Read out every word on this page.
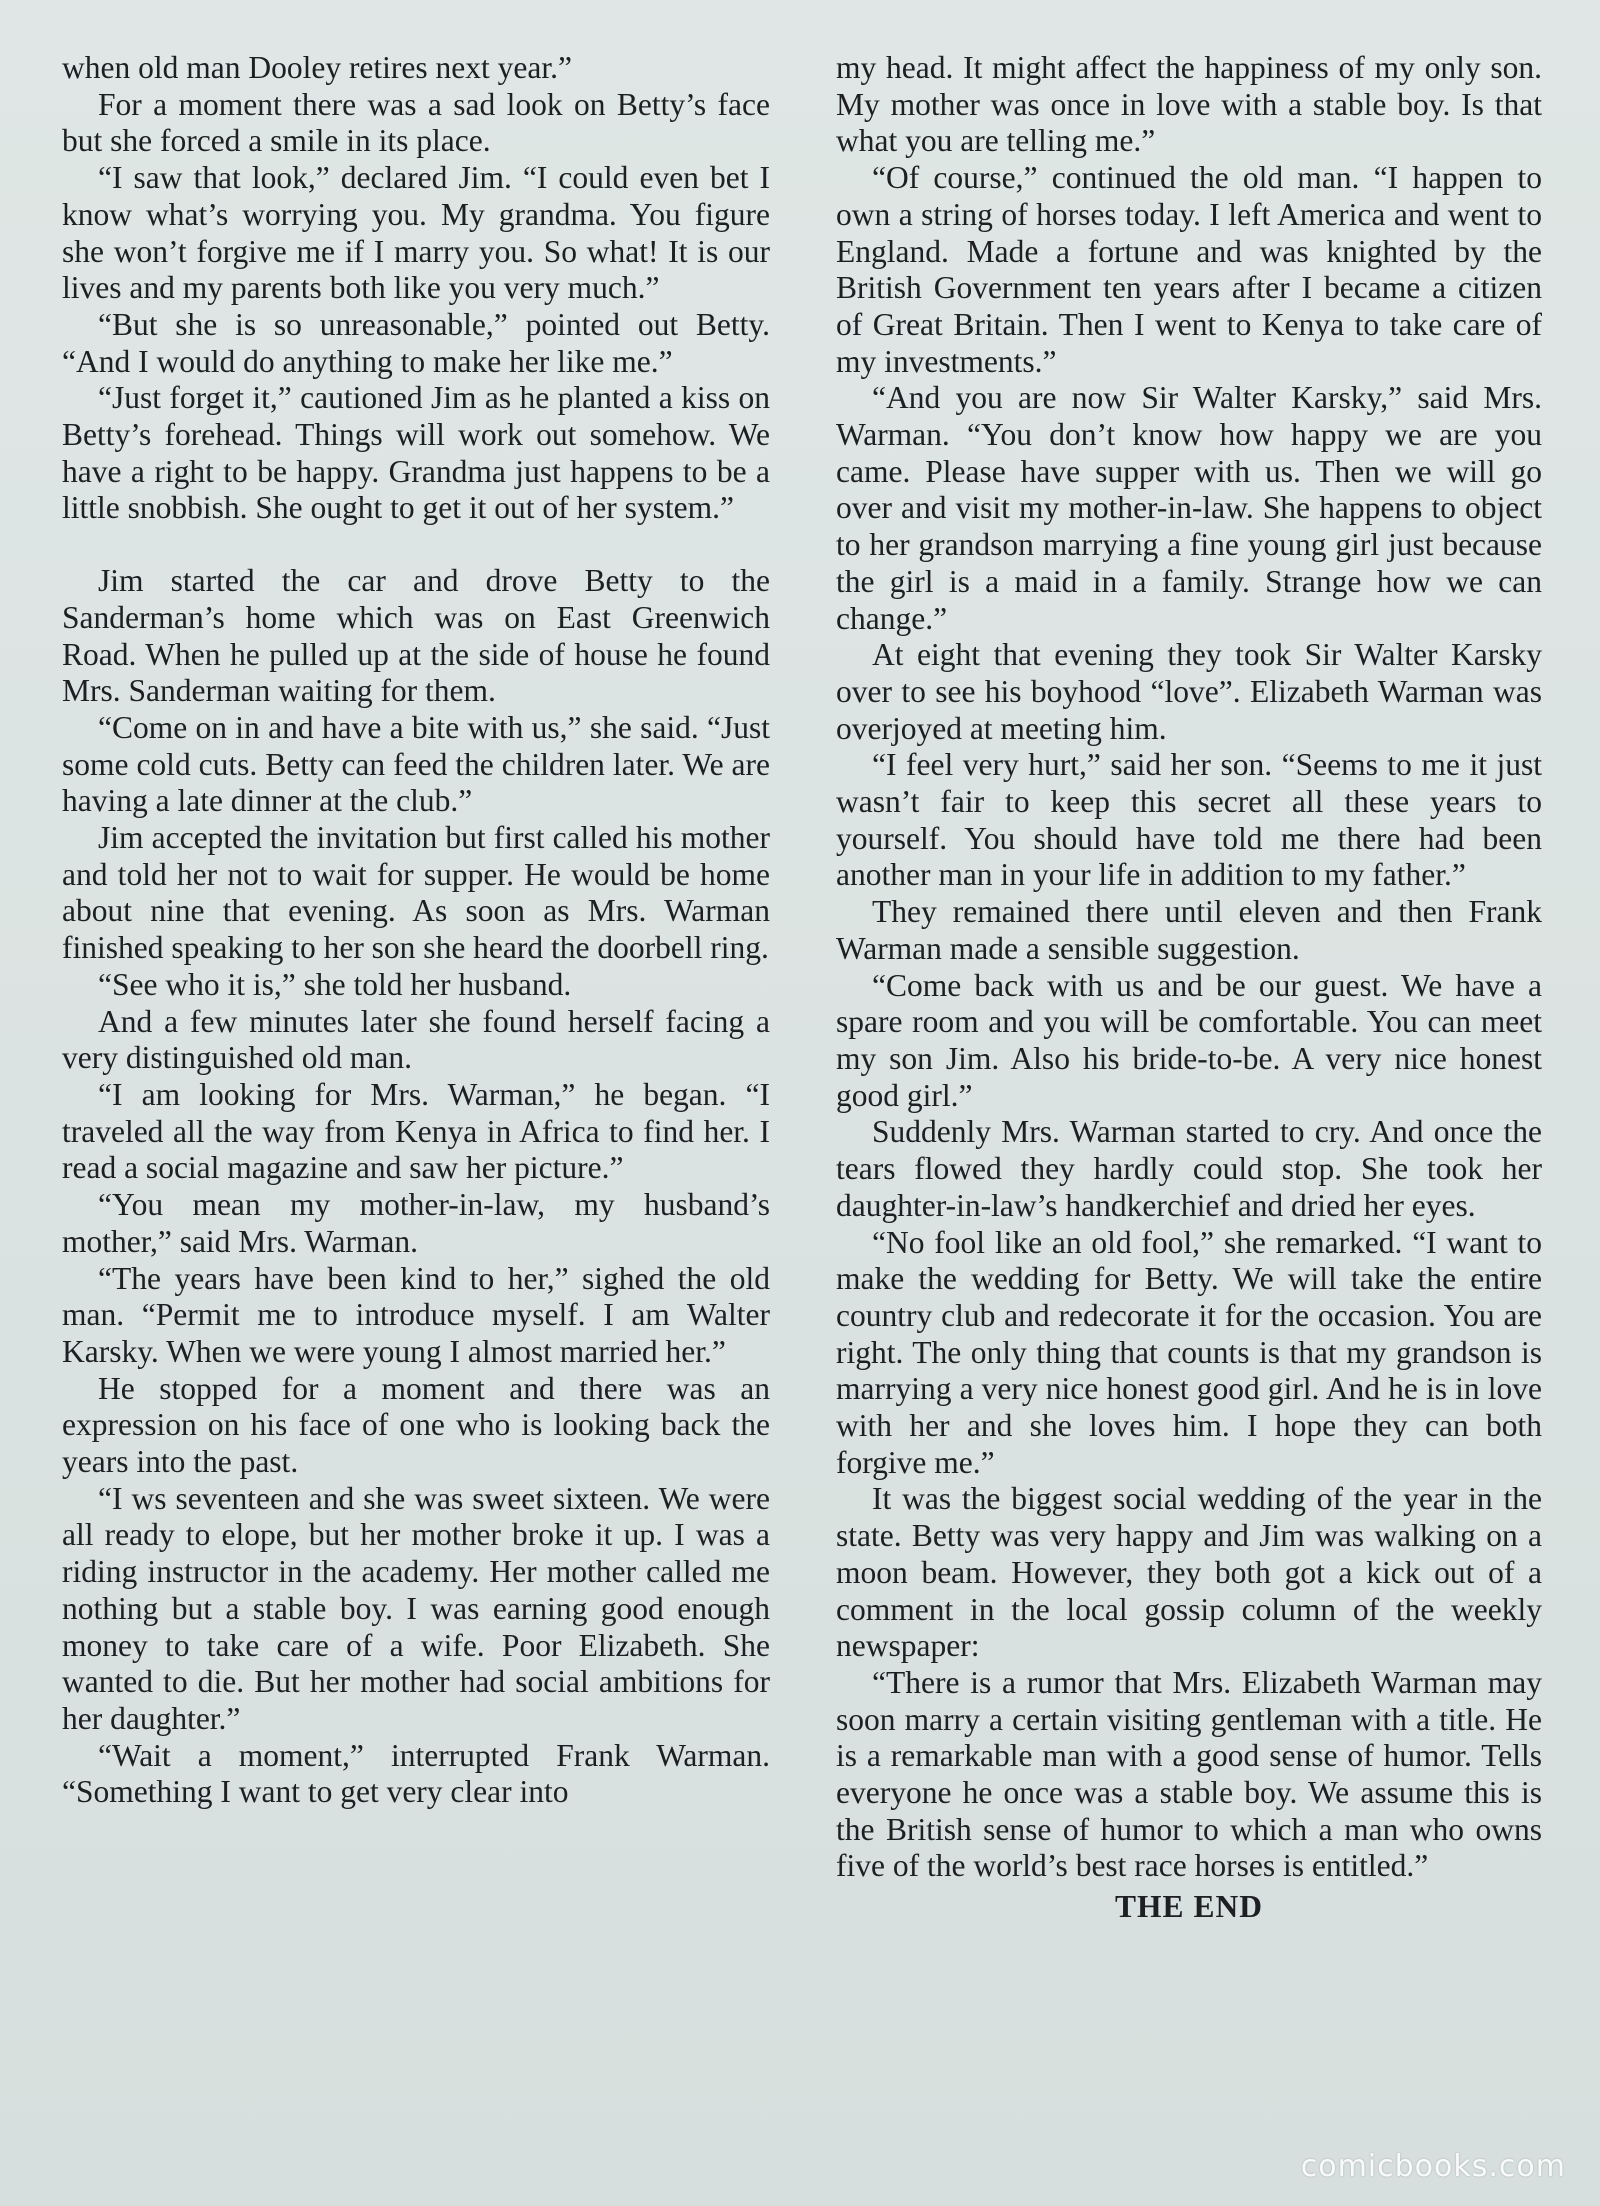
when old man Dooley retires next year.”

For a moment there was a sad look on Betty’s face but she forced a smile in its place.

“I saw that look,” declared Jim. “I could even bet I know what’s worrying you. My grandma. You figure she won’t forgive me if I marry you. So what! It is our lives and my parents both like you very much.”

“But she is so unreasonable,” pointed out Betty. “And I would do anything to make her like me.”

“Just forget it,” cautioned Jim as he planted a kiss on Betty’s forehead. Things will work out somehow. We have a right to be happy. Grandma just happens to be a little snobbish. She ought to get it out of her system.”

Jim started the car and drove Betty to the Sanderman’s home which was on East Greenwich Road. When he pulled up at the side of house he found Mrs. Sanderman waiting for them.

“Come on in and have a bite with us,” she said. “Just some cold cuts. Betty can feed the children later. We are having a late dinner at the club.”

Jim accepted the invitation but first called his mother and told her not to wait for supper. He would be home about nine that evening. As soon as Mrs. Warman finished speaking to her son she heard the doorbell ring.

“See who it is,” she told her husband.

And a few minutes later she found herself facing a very distinguished old man.

“I am looking for Mrs. Warman,” he began. “I traveled all the way from Kenya in Africa to find her. I read a social magazine and saw her picture.”

“You mean my mother-in-law, my husband’s mother,” said Mrs. Warman.

“The years have been kind to her,” sighed the old man. “Permit me to introduce myself. I am Walter Karsky. When we were young I almost married her.”

He stopped for a moment and there was an expression on his face of one who is looking back the years into the past.

“I ws seventeen and she was sweet sixteen. We were all ready to elope, but her mother broke it up. I was a riding instructor in the academy. Her mother called me nothing but a stable boy. I was earning good enough money to take care of a wife. Poor Elizabeth. She wanted to die. But her mother had social ambitions for her daughter.”

“Wait a moment,” interrupted Frank Warman. “Something I want to get very clear into

my head. It might affect the happiness of my only son. My mother was once in love with a stable boy. Is that what you are telling me.”

“Of course,” continued the old man. “I happen to own a string of horses today. I left America and went to England. Made a fortune and was knighted by the British Government ten years after I became a citizen of Great Britain. Then I went to Kenya to take care of my investments.”

“And you are now Sir Walter Karsky,” said Mrs. Warman. “You don’t know how happy we are you came. Please have supper with us. Then we will go over and visit my mother-in-law. She happens to object to her grandson marrying a fine young girl just because the girl is a maid in a family. Strange how we can change.”

At eight that evening they took Sir Walter Karsky over to see his boyhood “love”. Elizabeth Warman was overjoyed at meeting him.

“I feel very hurt,” said her son. “Seems to me it just wasn’t fair to keep this secret all these years to yourself. You should have told me there had been another man in your life in addition to my father.”

They remained there until eleven and then Frank Warman made a sensible suggestion.

“Come back with us and be our guest. We have a spare room and you will be comfortable. You can meet my son Jim. Also his bride-to-be. A very nice honest good girl.”

Suddenly Mrs. Warman started to cry. And once the tears flowed they hardly could stop. She took her daughter-in-law’s handkerchief and dried her eyes.

“No fool like an old fool,” she remarked. “I want to make the wedding for Betty. We will take the entire country club and redecorate it for the occasion. You are right. The only thing that counts is that my grandson is marrying a very nice honest good girl. And he is in love with her and she loves him. I hope they can both forgive me.”

It was the biggest social wedding of the year in the state. Betty was very happy and Jim was walking on a moon beam. However, they both got a kick out of a comment in the local gossip column of the weekly newspaper:

“There is a rumor that Mrs. Elizabeth Warman may soon marry a certain visiting gentleman with a title. He is a remarkable man with a good sense of humor. Tells everyone he once was a stable boy. We assume this is the British sense of humor to which a man who owns five of the world’s best race horses is entitled.”

THE END

comicbooks.com
